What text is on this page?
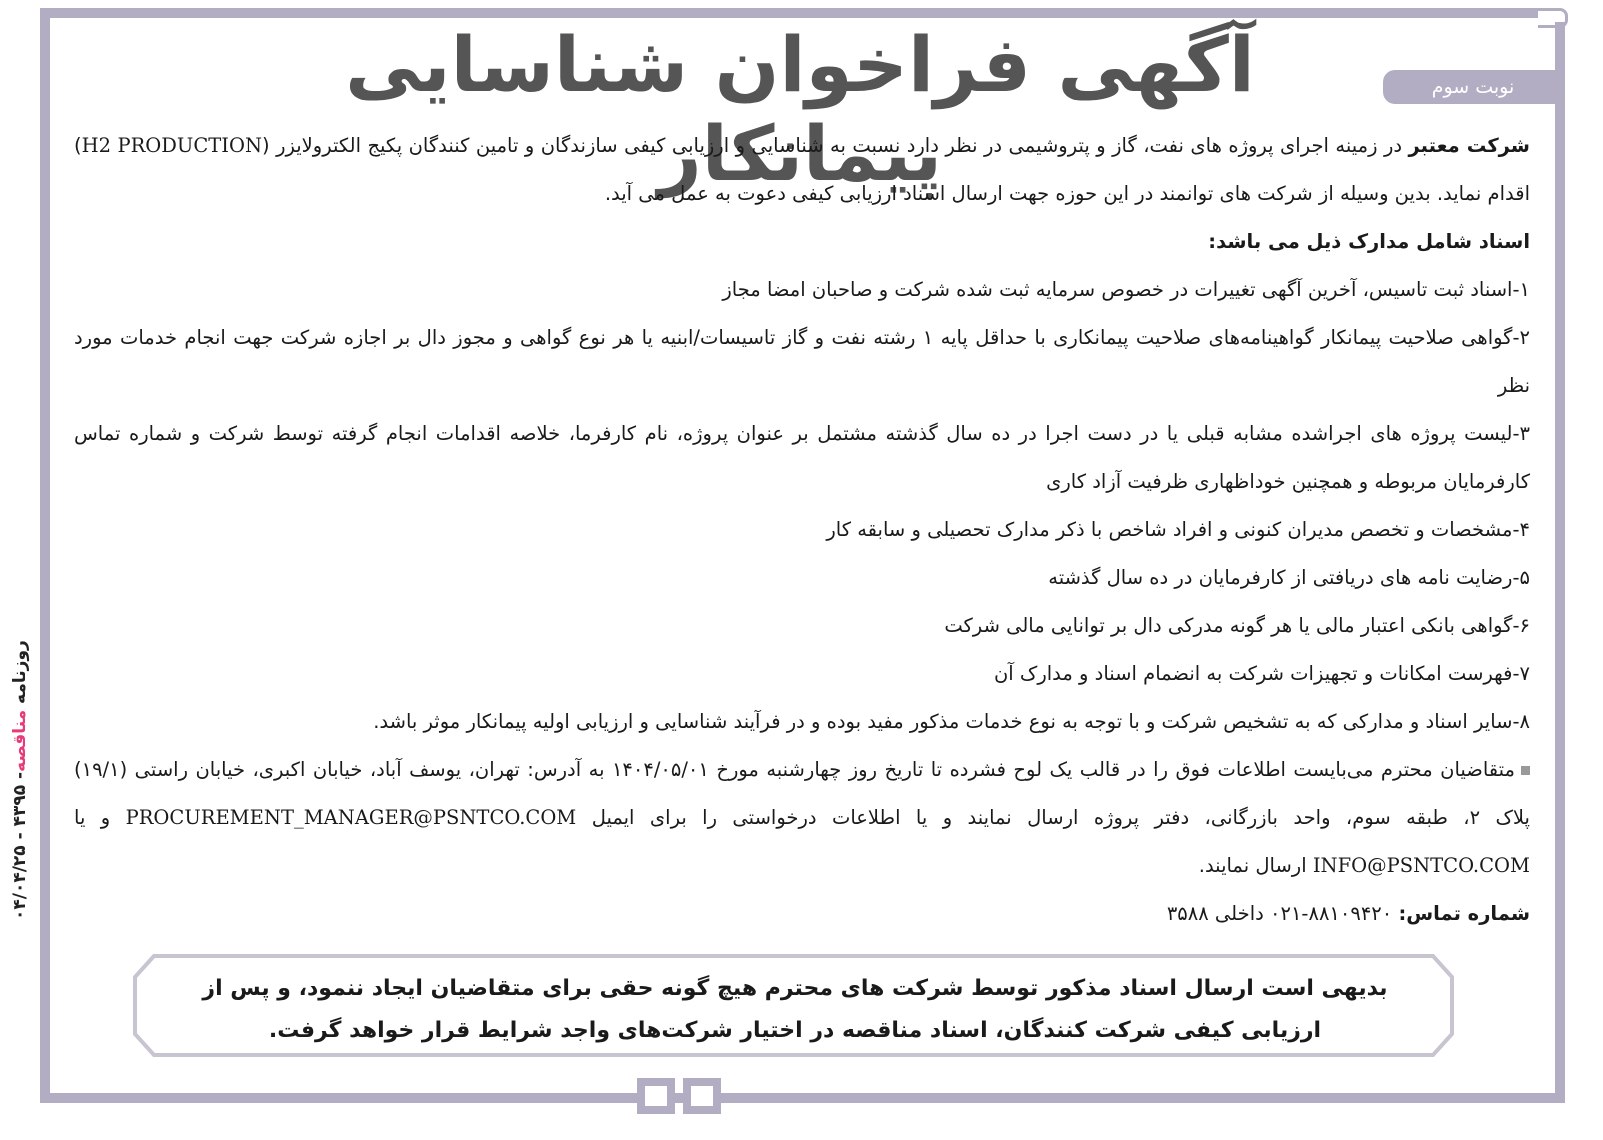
روزنامه مناقصه- ۴۳۹۵ - ۰۴/۰۴/۲۵
نوبت سوم
آگهی فراخوان شناسایی پیمانکار	شرکت معتبر در زمینه اجرای پروژه های نفت، گاز و پتروشیمی در نظر دارد نسبت به شناسایی و ارزیابی کیفی سازندگان و تامین کنندگان پکیج الکترولایزر (H2 PRODUCTION) اقدام نماید. بدین وسیله از شرکت های توانمند در این حوزه جهت ارسال اسناد ارزیابی کیفی دعوت به عمل می آید.

اسناد شامل مدارک ذیل می باشد:

۱-اسناد ثبت تاسیس، آخرین آگهی تغییرات در خصوص سرمایه ثبت شده شرکت و صاحبان امضا مجاز

۲-گواهی صلاحیت پیمانکار گواهینامه‌های صلاحیت پیمانکاری با حداقل پایه ۱ رشته نفت و گاز تاسیسات/ابنیه یا هر نوع گواهی و مجوز دال بر اجازه شرکت جهت انجام خدمات مورد نظر

۳-لیست پروژه های اجراشده مشابه قبلی یا در دست اجرا در ده سال گذشته مشتمل بر عنوان پروژه، نام کارفرما، خلاصه اقدامات انجام گرفته توسط شرکت و شماره تماس کارفرمایان مربوطه و همچنین خوداظهاری ظرفیت آزاد کاری

۴-مشخصات و تخصص مدیران کنونی و افراد شاخص با ذکر مدارک تحصیلی و سابقه کار

۵-رضایت نامه های دریافتی از کارفرمایان در ده سال گذشته

۶-گواهی بانکی اعتبار مالی یا هر گونه مدرکی دال بر توانایی مالی شرکت

۷-فهرست امکانات و تجهیزات شرکت به انضمام اسناد و مدارک آن

۸-سایر اسناد و مدارکی که به تشخیص شرکت و با توجه به نوع خدمات مذکور مفید بوده و در فرآیند شناسایی و ارزیابی اولیه پیمانکار موثر باشد.

متقاضیان محترم می‌بایست اطلاعات فوق را در قالب یک لوح فشرده تا تاریخ روز چهارشنبه مورخ ۱۴۰۴/۰۵/۰۱ به آدرس: تهران، یوسف آباد، خیابان اکبری، خیابان راستی (۱۹/۱) پلاک ۲، طبقه سوم، واحد بازرگانی، دفتر پروژه ارسال نمایند و یا اطلاعات درخواستی را برای ایمیل PROCUREMENT_MANAGER@PSNTCO.COM و یا INFO@PSNTCO.COM ارسال نمایند.

شماره تماس: ۸۸۱۰۹۴۲۰-۰۲۱ داخلی ۳۵۸۸

بدیهی است ارسال اسناد مذکور توسط شرکت های محترم هیچ گونه حقی برای متقاضیان ایجاد ننمود، و پس از ارزیابی کیفی شرکت کنندگان، اسناد مناقصه در اختیار شرکت‌های واجد شرایط قرار خواهد گرفت.
